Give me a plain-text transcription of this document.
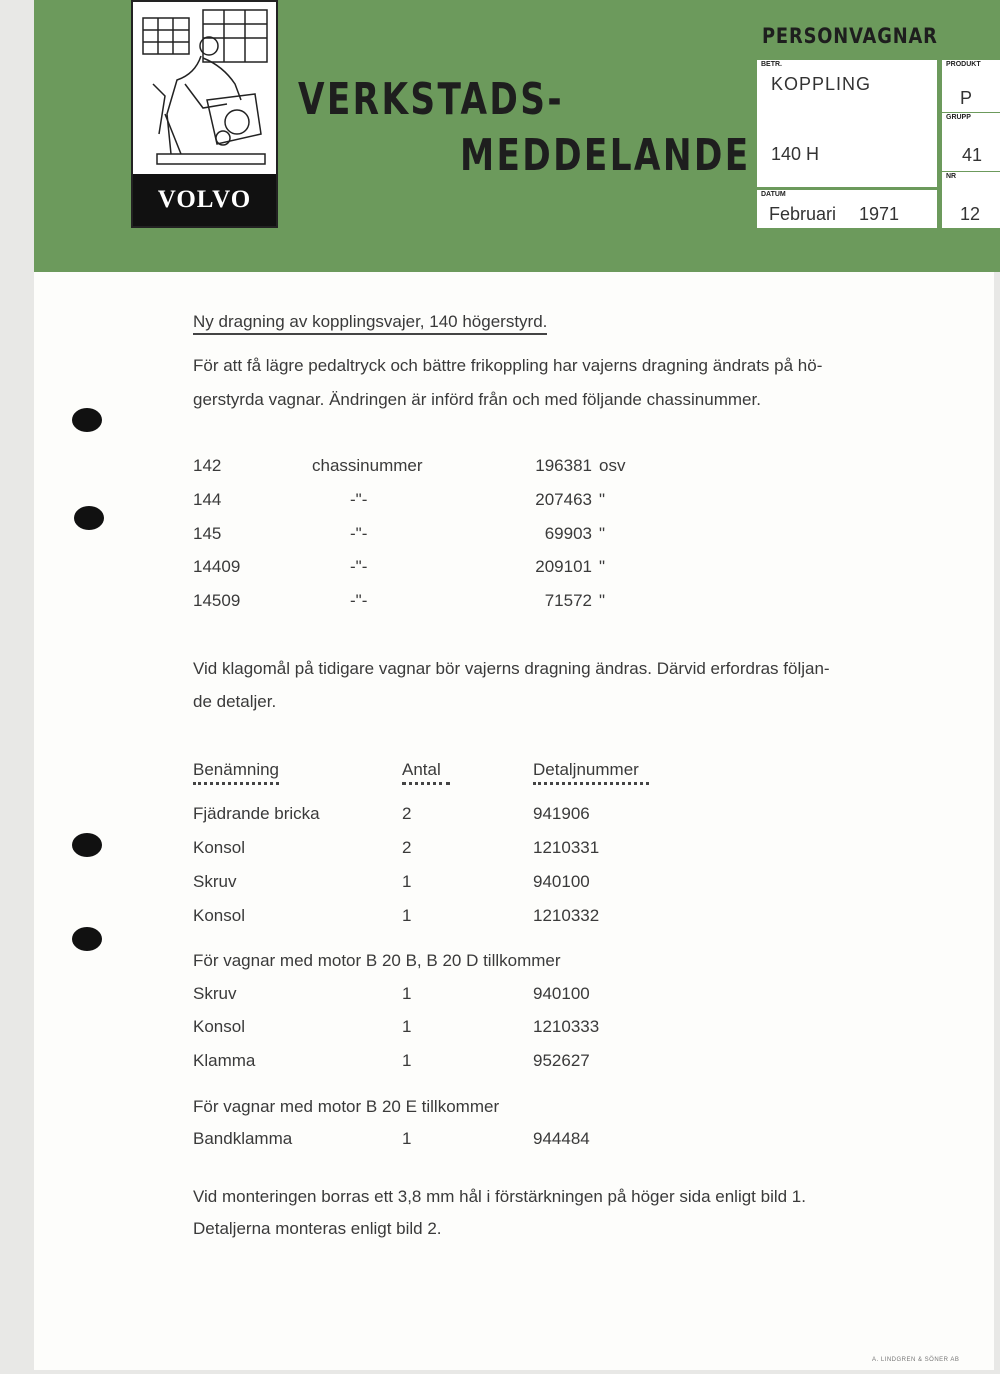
VOLVO
VERKSTADS-
MEDDELANDE
PERSONVAGNAR
BETR.
KOPPLING
140 H
PRODUKT
P
GRUPP
41
DATUM
Februari 1971
NR
12
Ny dragning av kopplingsvajer, 140 högerstyrd.
För att få lägre pedaltryck och bättre frikoppling har vajerns dragning ändrats på hö-
gerstyrda vagnar. Ändringen är införd från och med följande chassinummer.
142	chassinummer	196381 osv
144	-"-	207463 "
145	-"-	69903 "
14409	-"-	209101 "
14509	-"-	71572 "
Vid klagomål på tidigare vagnar bör vajerns dragning ändras. Därvid erfordras följan-
de detaljer.
Benämning	Antal	Detaljnummer
Fjädrande bricka	2	941906
Konsol	2	1210331
Skruv	1	940100
Konsol	1	1210332
För vagnar med motor B 20 B, B 20 D tillkommer
Skruv	1	940100
Konsol	1	1210333
Klamma	1	952627
För vagnar med motor B 20 E tillkommer
Bandklamma	1	944484
Vid monteringen borras ett 3,8 mm hål i förstärkningen på höger sida enligt bild 1.
Detaljerna monteras enligt bild 2.
A. LINDGREN & SÖNER AB
